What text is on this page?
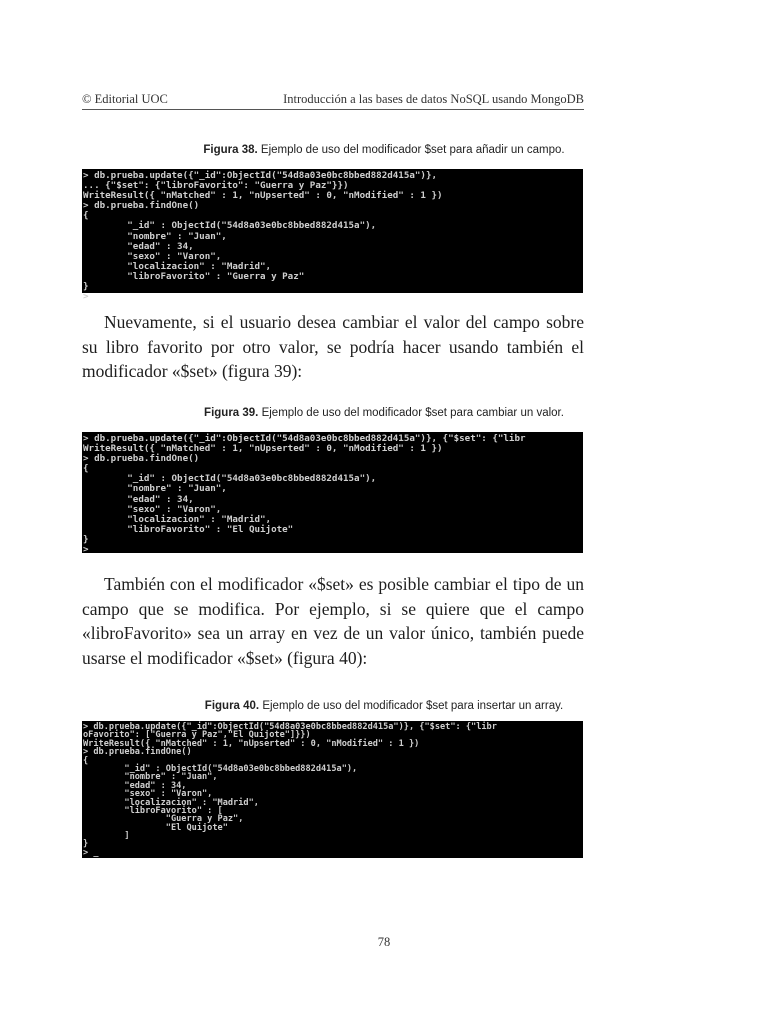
© Editorial UOC	Introducción a las bases de datos NoSQL usando MongoDB
Figura 38. Ejemplo de uso del modificador $set para añadir un campo.
> db.prueba.update({"_id":ObjectId("54d8a03e0bc8bbed882d415a")},
... {"$set": {"libroFavorito": "Guerra y Paz"}})
WriteResult({ "nMatched" : 1, "nUpserted" : 0, "nModified" : 1 })
> db.prueba.findOne()
{
"_id" : ObjectId("54d8a03e0bc8bbed882d415a"),
"nombre" : "Juan",
"edad" : 34,
"sexo" : "Varon",
"localizacion" : "Madrid",
"libroFavorito" : "Guerra y Paz"
}
>
Nuevamente, si el usuario desea cambiar el valor del campo sobre su libro favorito por otro valor, se podría hacer usando también el modificador «$set» (figura 39):
Figura 39. Ejemplo de uso del modificador $set para cambiar un valor.
> db.prueba.update({"_id":ObjectId("54d8a03e0bc8bbed882d415a")}, {"$set": {"libr
WriteResult({ "nMatched" : 1, "nUpserted" : 0, "nModified" : 1 })
> db.prueba.findOne()
{
"_id" : ObjectId("54d8a03e0bc8bbed882d415a"),
"nombre" : "Juan",
"edad" : 34,
"sexo" : "Varon",
"localizacion" : "Madrid",
"libroFavorito" : "El Quijote"
}
>
También con el modificador «$set» es posible cambiar el tipo de un campo que se modifica. Por ejemplo, si se quiere que el campo «libroFavorito» sea un array en vez de un valor único, también puede usarse el modificador «$set» (figura 40):
Figura 40. Ejemplo de uso del modificador $set para insertar un array.
> db.prueba.update({"_id":ObjectId("54d8a03e0bc8bbed882d415a")}, {"$set": {"libr
oFavorito": ["Guerra y Paz","El Quijote"]}})
WriteResult({ "nMatched" : 1, "nUpserted" : 0, "nModified" : 1 })
> db.prueba.findOne()
{
"_id" : ObjectId("54d8a03e0bc8bbed882d415a"),
"nombre" : "Juan",
"edad" : 34,
"sexo" : "Varon",
"localizacion" : "Madrid",
"libroFavorito" : [
"Guerra y Paz",
"El Quijote"
]
}
> _
78
